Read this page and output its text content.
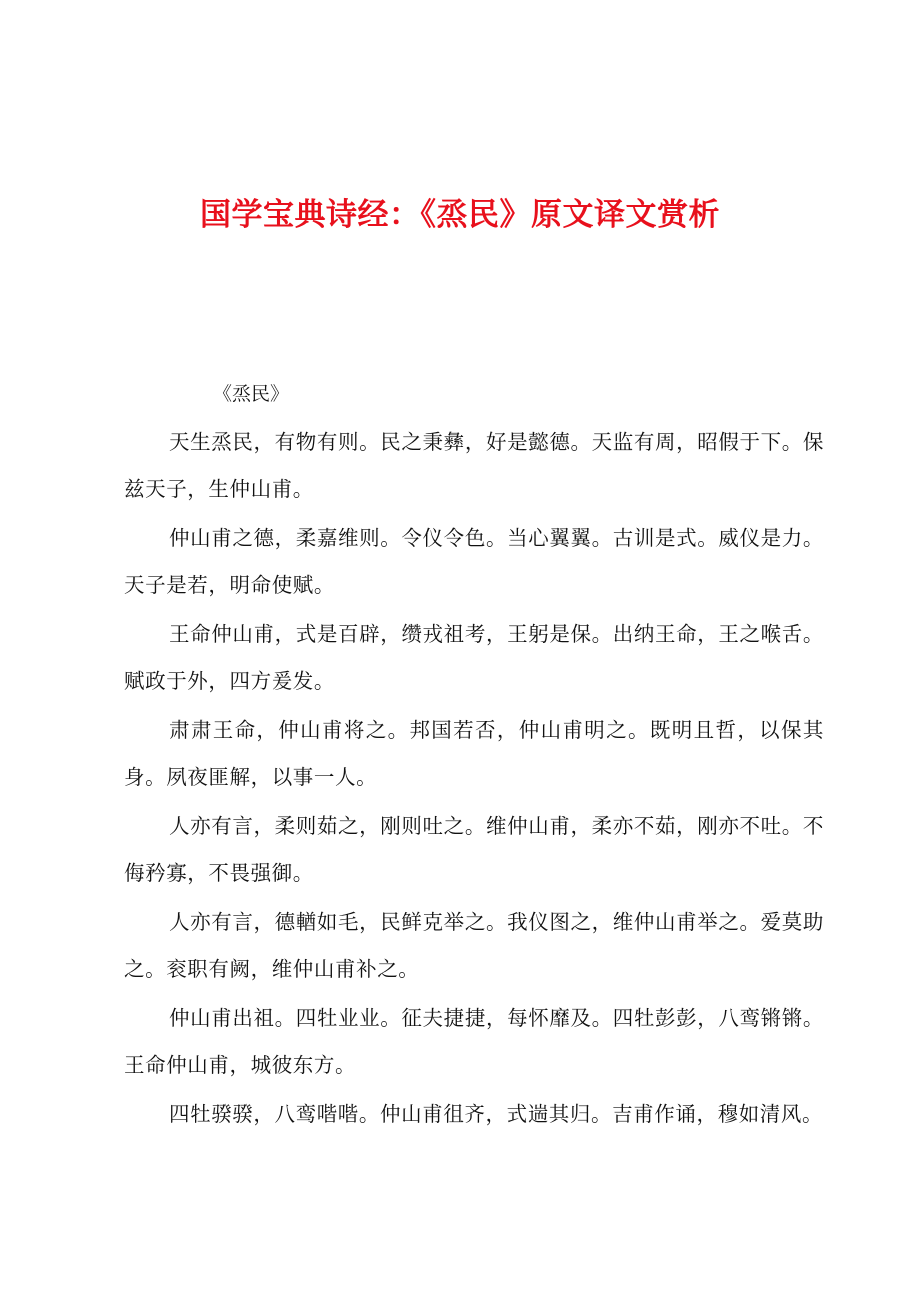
国学宝典诗经：《烝民》原文译文赏析

《烝民》

天生烝民，有物有则。民之秉彝，好是懿德。天监有周，昭假于下。保兹天子，生仲山甫。

仲山甫之德，柔嘉维则。令仪令色。当心翼翼。古训是式。威仪是力。天子是若，明命使赋。

王命仲山甫，式是百辟，缵戎祖考，王躬是保。出纳王命，王之喉舌。赋政于外，四方爰发。

肃肃王命，仲山甫将之。邦国若否，仲山甫明之。既明且哲，以保其身。夙夜匪解，以事一人。

人亦有言，柔则茹之，刚则吐之。维仲山甫，柔亦不茹，刚亦不吐。不侮矜寡，不畏强御。

人亦有言，德輶如毛，民鲜克举之。我仪图之，维仲山甫举之。爱莫助之。衮职有阙，维仲山甫补之。

仲山甫出祖。四牡业业。征夫捷捷，每怀靡及。四牡彭彭，八鸾锵锵。王命仲山甫，城彼东方。

四牡骙骙，八鸾喈喈。仲山甫徂齐，式遄其归。吉甫作诵，穆如清风。
